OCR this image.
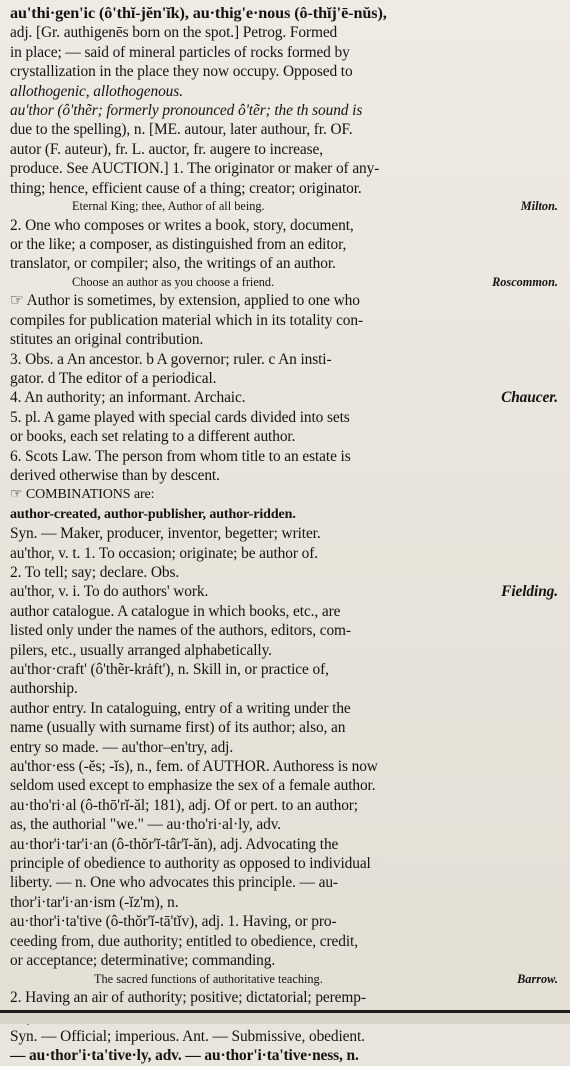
au'thi·gen'ic (ô'thĭ-jĕn'ĭk), au·thig'e·nous (ô-thĭj'ē-nŭs),
adj. [Gr. authigenēs born on the spot.] Petrog. Formed
in place; — said of mineral particles of rocks formed by
crystallization in the place they now occupy. Opposed to
allothogenic, allothogenous.
au'thor (ô'thẽr; formerly pronounced ô'tẽr; the th sound is
due to the spelling), n. [ME. autour, later authour, fr. OF.
autor (F. auteur), fr. L. auctor, fr. augere to increase,
produce. See AUCTION.] 1. The originator or maker of any-
thing; hence, efficient cause of a thing; creator; originator.
Milton.
Eternal King; thee, Author of all being.
2. One who composes or writes a book, story, document,
or the like; a composer, as distinguished from an editor,
translator, or compiler; also, the writings of an author.
Roscommon.
Choose an author as you choose a friend.
☞ Author is sometimes, by extension, applied to one who
compiles for publication material which in its totality con-
stitutes an original contribution.
3. Obs. a An ancestor. b A governor; ruler. c An insti-
gator. d The editor of a periodical.
Chaucer.
4. An authority; an informant. Archaic.
5. pl. A game played with special cards divided into sets
or books, each set relating to a different author.
6. Scots Law. The person from whom title to an estate is
derived otherwise than by descent.
☞ COMBINATIONS are:
author-created, author-publisher, author-ridden.
Syn. — Maker, producer, inventor, begetter; writer.
au'thor, v. t. 1. To occasion; originate; be author of.
2. To tell; say; declare. Obs.
Fielding.
au'thor, v. i. To do authors' work.
author catalogue. A catalogue in which books, etc., are
listed only under the names of the authors, editors, com-
pilers, etc., usually arranged alphabetically.
au'thor·craft' (ô'thẽr-krȧft'), n. Skill in, or practice of,
authorship.
author entry. In cataloguing, entry of a writing under the
name (usually with surname first) of its author; also, an
entry so made. — au'thor–en'try, adj.
au'thor·ess (-ĕs; -ĭs), n., fem. of AUTHOR. Authoress is now
seldom used except to emphasize the sex of a female author.
au·tho'ri·al (ô-thō'rĭ-ăl; 181), adj. Of or pert. to an author;
as, the authorial "we." — au·tho'ri·al·ly, adv.
au·thor'i·tar'i·an (ô-thŏr'ĭ-târ'ĭ-ăn), adj. Advocating the
principle of obedience to authority as opposed to individual
liberty. — n. One who advocates this principle. — au-
thor'i·tar'i·an·ism (-ĭz'm), n.
au·thor'i·ta'tive (ô-thŏr'ĭ-tā'tĭv), adj. 1. Having, or pro-
ceeding from, due authority; entitled to obedience, credit,
or acceptance; determinative; commanding.
Barrow.
The sacred functions of authoritative teaching.
2. Having an air of authority; positive; dictatorial; peremp-
Syn. — Official; imperious. Ant. — Submissive, obedient.
— au·thor'i·ta'tive·ly, adv. — au·thor'i·ta'tive·ness, n.
